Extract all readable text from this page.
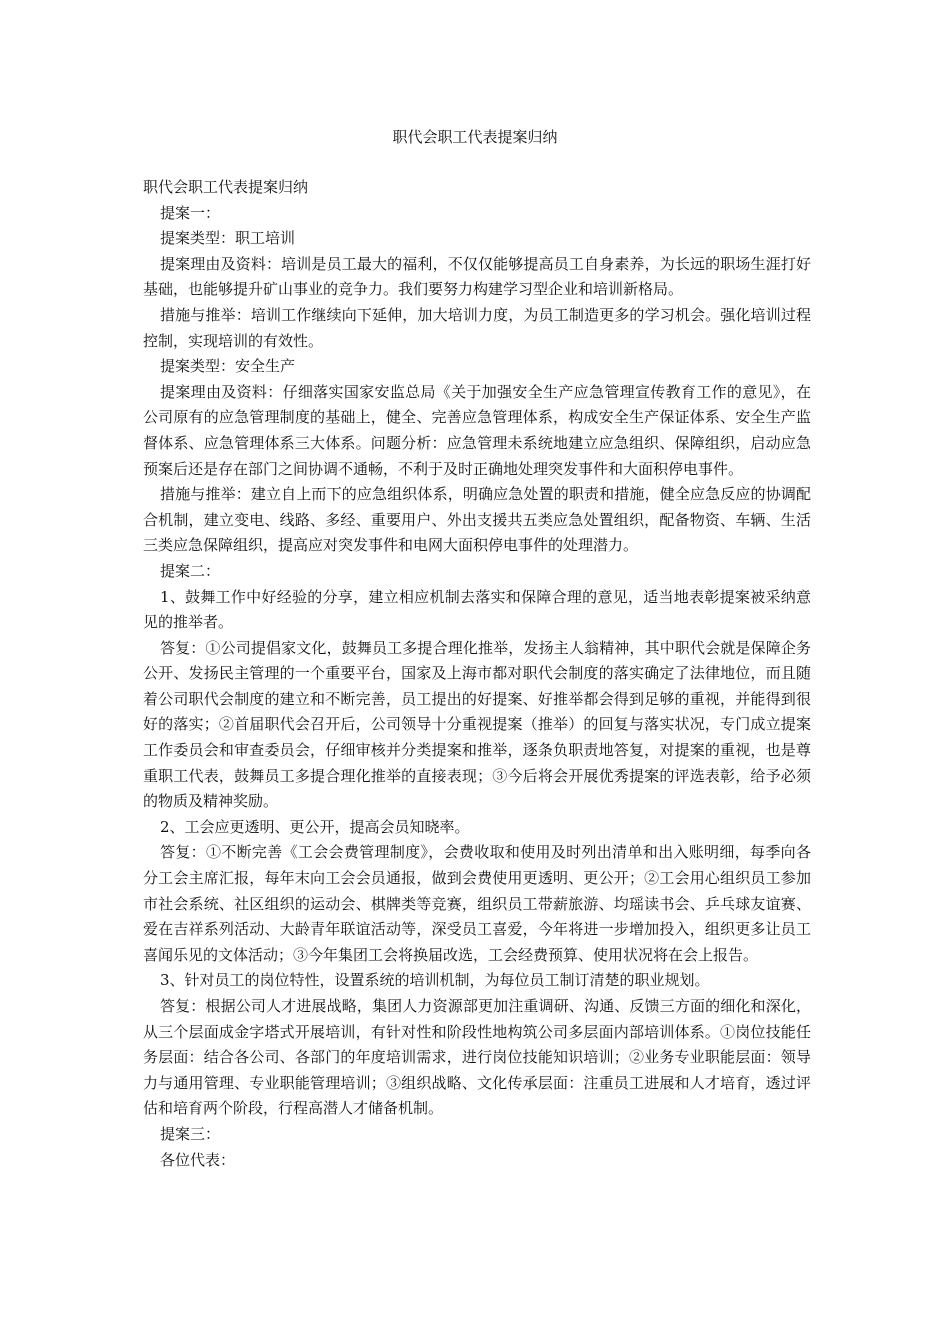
职代会职工代表提案归纳

职代会职工代表提案归纳

提案一：

提案类型：职工培训

提案理由及资料：培训是员工最大的福利，不仅仅能够提高员工自身素养，为长远的职场生涯打好基础，也能够提升矿山事业的竞争力。我们要努力构建学习型企业和培训新格局。

措施与推举：培训工作继续向下延伸，加大培训力度，为员工制造更多的学习机会。强化培训过程控制，实现培训的有效性。

提案类型：安全生产

提案理由及资料：仔细落实国家安监总局《关于加强安全生产应急管理宣传教育工作的意见》，在公司原有的应急管理制度的基础上，健全、完善应急管理体系，构成安全生产保证体系、安全生产监督体系、应急管理体系三大体系。问题分析：应急管理未系统地建立应急组织、保障组织，启动应急预案后还是存在部门之间协调不通畅，不利于及时正确地处理突发事件和大面积停电事件。

措施与推举：建立自上而下的应急组织体系，明确应急处置的职责和措施，健全应急反应的协调配合机制，建立变电、线路、多经、重要用户、外出支援共五类应急处置组织，配备物资、车辆、生活三类应急保障组织，提高应对突发事件和电网大面积停电事件的处理潜力。

提案二：

1、鼓舞工作中好经验的分享，建立相应机制去落实和保障合理的意见，适当地表彰提案被采纳意见的推举者。

答复：①公司提倡家文化，鼓舞员工多提合理化推举，发扬主人翁精神，其中职代会就是保障企务公开、发扬民主管理的一个重要平台，国家及上海市都对职代会制度的落实确定了法律地位，而且随着公司职代会制度的建立和不断完善，员工提出的好提案、好推举都会得到足够的重视，并能得到很好的落实；②首届职代会召开后，公司领导十分重视提案（推举）的回复与落实状况，专门成立提案工作委员会和审查委员会，仔细审核并分类提案和推举，逐条负职责地答复，对提案的重视，也是尊重职工代表，鼓舞员工多提合理化推举的直接表现；③今后将会开展优秀提案的评选表彰，给予必须的物质及精神奖励。

2、工会应更透明、更公开，提高会员知晓率。

答复：①不断完善《工会会费管理制度》，会费收取和使用及时列出清单和出入账明细，每季向各分工会主席汇报，每年末向工会会员通报，做到会费使用更透明、更公开；②工会用心组织员工参加市社会系统、社区组织的运动会、棋牌类等竞赛，组织员工带薪旅游、均瑶读书会、乒乓球友谊赛、爱在吉祥系列活动、大龄青年联谊活动等，深受员工喜爱，今年将进一步增加投入，组织更多让员工喜闻乐见的文体活动；③今年集团工会将换届改选，工会经费预算、使用状况将在会上报告。

3、针对员工的岗位特性，设置系统的培训机制，为每位员工制订清楚的职业规划。

答复：根据公司人才进展战略，集团人力资源部更加注重调研、沟通、反馈三方面的细化和深化，从三个层面成金字塔式开展培训，有针对性和阶段性地构筑公司多层面内部培训体系。①岗位技能任务层面：结合各公司、各部门的年度培训需求，进行岗位技能知识培训；②业务专业职能层面：领导力与通用管理、专业职能管理培训；③组织战略、文化传承层面：注重员工进展和人才培育，透过评估和培育两个阶段，行程高潜人才储备机制。

提案三：

各位代表：
